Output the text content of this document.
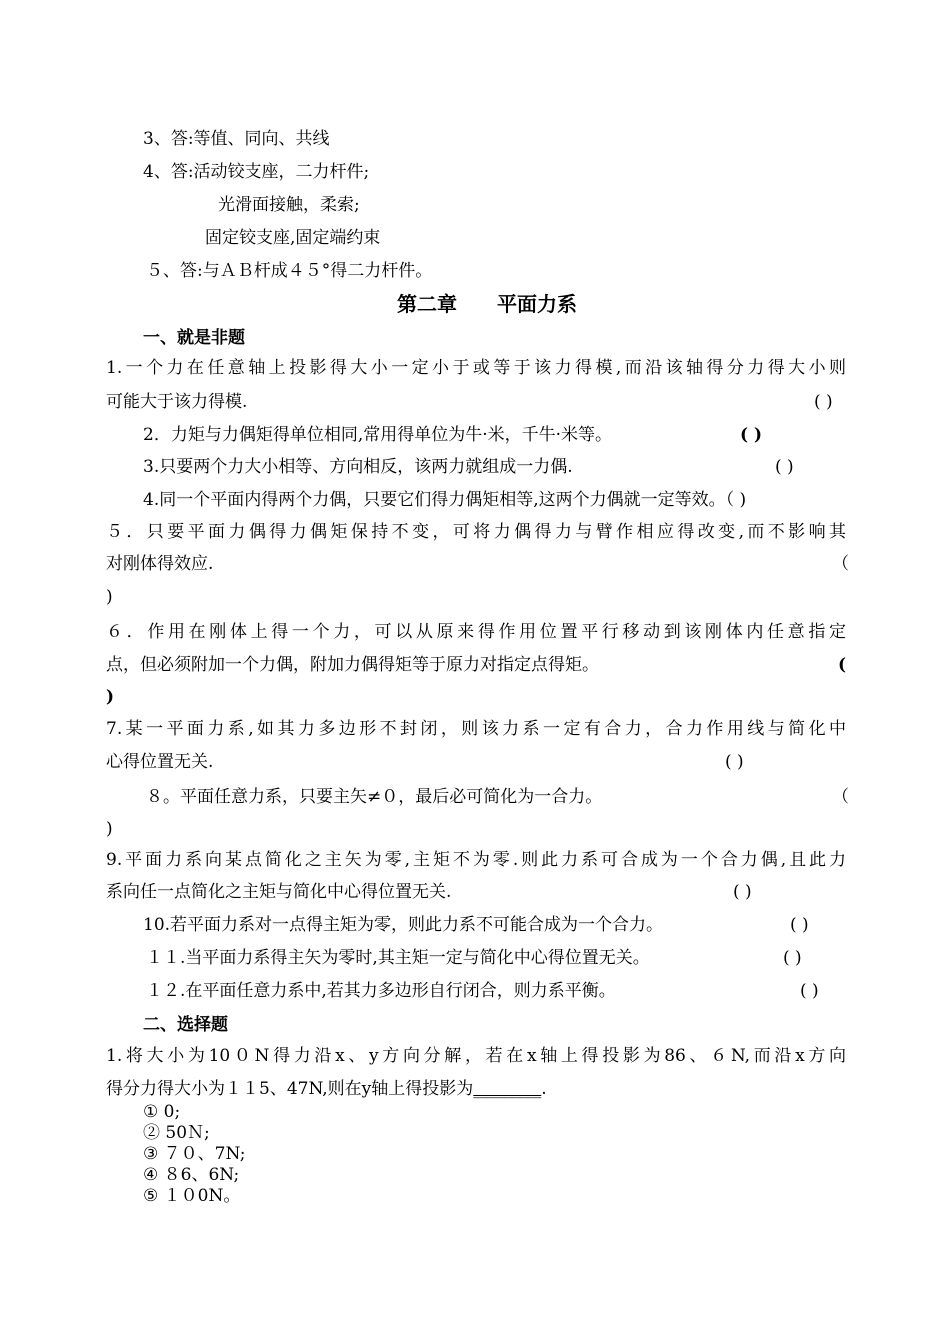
3、答:等值、同向、共线
4、答:活动铰支座，二力杆件;
光滑面接触，柔索;
固定铰支座,固定端约束
５、答:与ＡＢ杆成４５°得二力杆件。
第二章　　平面力系
一、就是非题
1.一个力在任意轴上投影得大小一定小于或等于该力得模,而沿该轴得分力得大小则
可能大于该力得模.	( )
2．力矩与力偶矩得单位相同,常用得单位为牛·米，千牛·米等。	( )
3.只要两个力大小相等、方向相反，该两力就组成一力偶.	( )
4.同一个平面内得两个力偶，只要它们得力偶矩相等,这两个力偶就一定等效。（ )
５．只要平面力偶得力偶矩保持不变，可将力偶得力与臂作相应得改变,而不影响其
对刚体得效应.	（
)
６．作用在刚体上得一个力，可以从原来得作用位置平行移动到该刚体内任意指定
点，但必须附加一个力偶，附加力偶得矩等于原力对指定点得矩。	(
)
7.某一平面力系,如其力多边形不封闭，则该力系一定有合力，合力作用线与简化中
心得位置无关.	( )
８。平面任意力系，只要主矢≠０，最后必可简化为一合力。	（
)
9.平面力系向某点简化之主矢为零,主矩不为零.则此力系可合成为一个合力偶,且此力
系向任一点简化之主矩与简化中心得位置无关.	( )
10.若平面力系对一点得主矩为零，则此力系不可能合成为一个合力。	( )
１１.当平面力系得主矢为零时,其主矩一定与简化中心得位置无关。	( )
１２.在平面任意力系中,若其力多边形自行闭合，则力系平衡。	( )
二、选择题
1.将大小为10０N得力沿x、y方向分解，若在x轴上得投影为86、６N,而沿x方向
得分力得大小为１１5、47N,则在y轴上得投影为________.
① 0;
② 50Ｎ;
③ ７０、7N;
④ ８6、6N;
⑤ １０0N。
